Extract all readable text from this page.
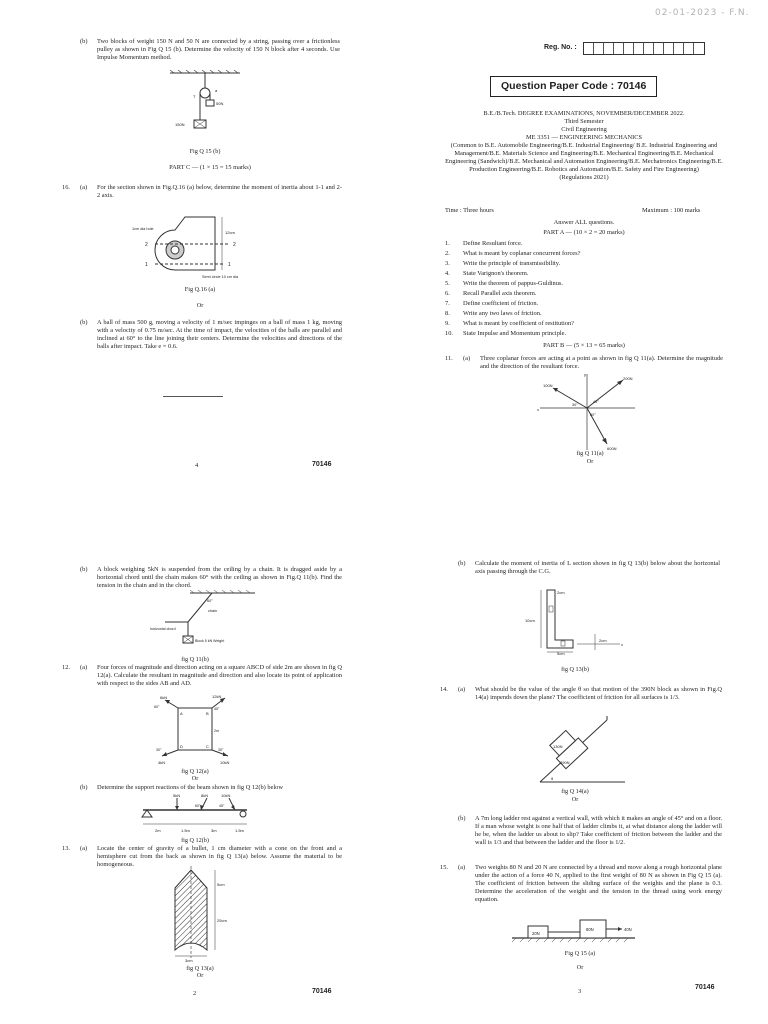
02-01-2023 - F.N.
(b) Two blocks of weight 150 N and 50 N are connected by a string, passing over a frictionless pulley as shown in Fig Q 15 (b). Determine the velocity of 150 N block after 4 seconds. Use Impulse Momentum method.
T
a
50N
150N
Fig Q 15 (b)
PART C — (1 × 15 = 15 marks)
16. (a) For the section shown in Fig.Q.16 (a) below, determine the moment of inertia about 1-1 and 2-2 axis.
12cm
1cm dia hole
2	2
1	1
Semi circle 10 cm dia
Fig Q.16 (a)
Or
(b) A ball of mass 500 g, moving a velocity of 1 m/sec impinges on a ball of mass 1 kg, moving with a velocity of 0.75 m/sec. At the time of impact, the velocities of the balls are parallel and inclined at 60° to the line joining their centers. Determine the velocities and directions of the balls after impact. Take e = 0.6.
4	70146
Reg. No. :
Question Paper Code : 70146
B.E./B.Tech. DEGREE EXAMINATIONS, NOVEMBER/DECEMBER 2022.
Third Semester
Civil Engineering
ME 3351 — ENGINEERING MECHANICS
(Common to B.E. Automobile Engineering/B.E. Industrial Engineering/ B.E. Industrial Engineering and Management/B.E. Materials Science and Engineering/B.E. Mechanical Engineering/B.E. Mechanical Engineering (Sandwich)/B.E. Mechanical and Automation Engineering/B.E. Mechatronics Engineering/B.E. Production Engineering/B.E. Robotics and Automation/B.E. Safety and Fire Engineering)
(Regulations 2021)
Time : Three hours	Maximum : 100 marks
Answer ALL questions.
PART A — (10 × 2 = 20 marks)
1. Define Resultant force.
2. What is meant by coplanar concurrent forces?
3. Write the principle of transmissibility.
4. State Varignon's theorem.
5. Write the theorem of pappus-Guldinus.
6. Recall Parallel axis theorem.
7. Define coefficient of friction.
8. Write any two laws of friction.
9. What is meant by coefficient of restitution?
10. State Impulse and Momentum principle.
PART B — (5 × 13 = 65 marks)
11. (a) Three coplanar forces are acting at a point as shown in fig Q 11(a). Determine the magnitude and the direction of the resultant force.
200N
100N
600N
30°
45°
60°
x
y
fig Q 11(a)
Or
(b) A block weighing 5kN is suspended from the ceiling by a chain. It is dragged aside by a horizontal chord until the chain makes 60° with the ceiling as shown in Fig.Q 11(b). Find the tension in the chain and in the chord.
60°
chain
horizontal chord
Block 5 kN Weight
fig Q 11(b)
12. (a) Four forces of magnitude and direction acting on a square ABCD of side 2m are shown in fig Q 12(a). Calculate the resultant in magnitude and direction and also locate its point of application with respect to the sides AB and AD.
6kN	12kN
4kN	10kN
60°	45°
30°	30°
2m
A	B
C
D
fig Q 12(a)
Or
(b) Determine the support reactions of the beam shown in fig Q 12(b) below
5kN	8kN	10kN
60°	45°
2m	1.5m	3m	1.5m
fig Q 12(b)
13. (a) Locate the center of gravity of a bullet, 1 cm diameter with a cone on the front and a hemisphere cut from the back as shown in fig Q 13(a) below. Assume the material to be homogeneous.
5cm
25cm
3cm
fig Q 13(a)
Or
2	70146
(b) Calculate the moment of inertia of L section shown in fig Q 13(b) below about the horizontal axis passing through the C.G.
2cm
10cm
5cm
2cm
x
fig Q 13(b)
14. (a) What should be the value of the angle θ so that motion of the 390N block as shown in Fig.Q 14(a) impends down the plane? The coefficient of friction for all surfaces is 1/3.
390N
130N
θ
fig Q 14(a)
Or
(b) A 7m long ladder rest against a vertical wall, with which it makes an angle of 45° and on a floor. If a man whose weight is one half that of ladder climbs it, at what distance along the ladder will he be, when the ladder us about to slip? Take coefficient of friction between the ladder and the wall is 1/3 and that between the ladder and the floor is 1/2.
15. (a) Two weights 80 N and 20 N are connected by a thread and move along a rough horizontal plane under the action of a force 40 N, applied to the first weight of 80 N as shown in Fig Q 15 (a). The coefficient of friction between the sliding surface of the weights and the plane is 0.3. Determine the acceleration of the weight and the tension in the thread using work energy equation.
20N
80N	40N
Fig Q 15 (a)
Or
3
70146
